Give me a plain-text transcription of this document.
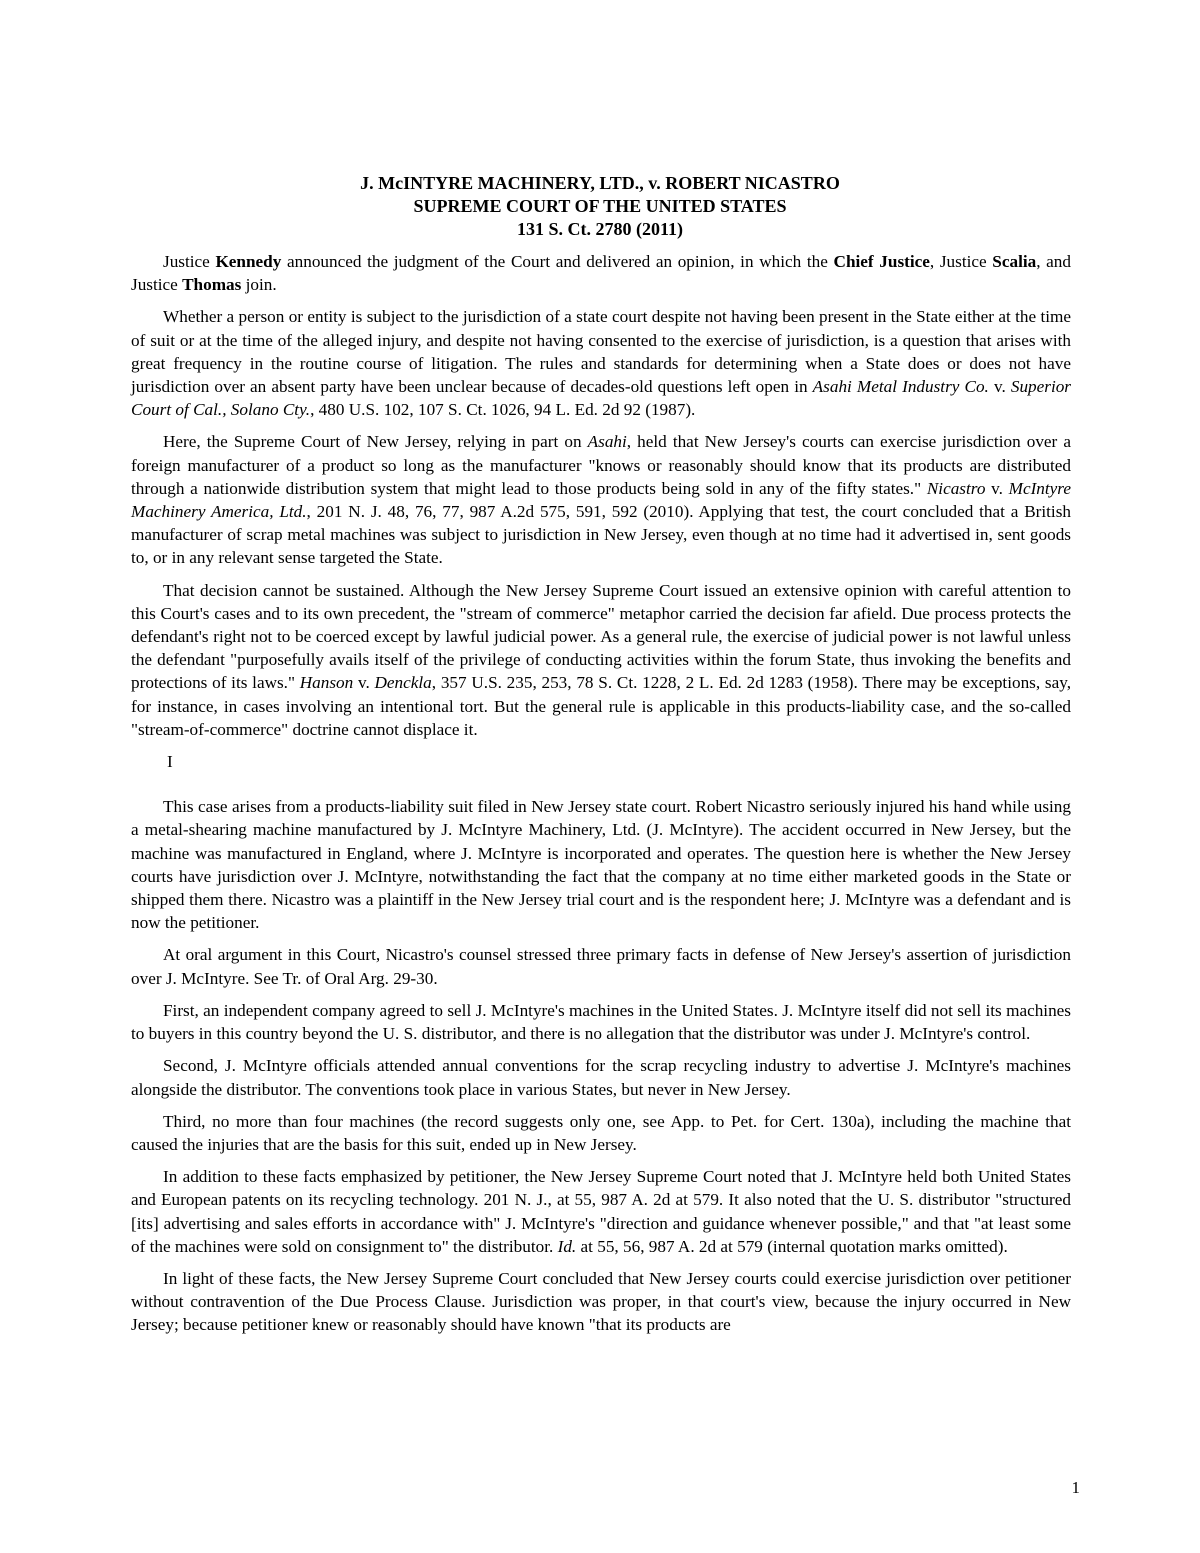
J. McINTYRE MACHINERY, LTD., v. ROBERT NICASTRO
SUPREME COURT OF THE UNITED STATES
131 S. Ct. 2780 (2011)

Justice Kennedy announced the judgment of the Court and delivered an opinion, in which the Chief Justice, Justice Scalia, and Justice Thomas join.

Whether a person or entity is subject to the jurisdiction of a state court despite not having been present in the State either at the time of suit or at the time of the alleged injury, and despite not having consented to the exercise of jurisdiction, is a question that arises with great frequency in the routine course of litigation. The rules and standards for determining when a State does or does not have jurisdiction over an absent party have been unclear because of decades-old questions left open in Asahi Metal Industry Co. v. Superior Court of Cal., Solano Cty., 480 U.S. 102, 107 S. Ct. 1026, 94 L. Ed. 2d 92 (1987).

Here, the Supreme Court of New Jersey, relying in part on Asahi, held that New Jersey's courts can exercise jurisdiction over a foreign manufacturer of a product so long as the manufacturer "knows or reasonably should know that its products are distributed through a nationwide distribution system that might lead to those products being sold in any of the fifty states." Nicastro v. McIntyre Machinery America, Ltd., 201 N. J. 48, 76, 77, 987 A.2d 575, 591, 592 (2010). Applying that test, the court concluded that a British manufacturer of scrap metal machines was subject to jurisdiction in New Jersey, even though at no time had it advertised in, sent goods to, or in any relevant sense targeted the State.

That decision cannot be sustained. Although the New Jersey Supreme Court issued an extensive opinion with careful attention to this Court's cases and to its own precedent, the "stream of commerce" metaphor carried the decision far afield. Due process protects the defendant's right not to be coerced except by lawful judicial power. As a general rule, the exercise of judicial power is not lawful unless the defendant "purposefully avails itself of the privilege of conducting activities within the forum State, thus invoking the benefits and protections of its laws." Hanson v. Denckla, 357 U.S. 235, 253, 78 S. Ct. 1228, 2 L. Ed. 2d 1283 (1958). There may be exceptions, say, for instance, in cases involving an intentional tort. But the general rule is applicable in this products-liability case, and the so-called "stream-of-commerce" doctrine cannot displace it.

I

This case arises from a products-liability suit filed in New Jersey state court. Robert Nicastro seriously injured his hand while using a metal-shearing machine manufactured by J. McIntyre Machinery, Ltd. (J. McIntyre). The accident occurred in New Jersey, but the machine was manufactured in England, where J. McIntyre is incorporated and operates. The question here is whether the New Jersey courts have jurisdiction over J. McIntyre, notwithstanding the fact that the company at no time either marketed goods in the State or shipped them there. Nicastro was a plaintiff in the New Jersey trial court and is the respondent here; J. McIntyre was a defendant and is now the petitioner.

At oral argument in this Court, Nicastro's counsel stressed three primary facts in defense of New Jersey's assertion of jurisdiction over J. McIntyre. See Tr. of Oral Arg. 29-30.

First, an independent company agreed to sell J. McIntyre's machines in the United States. J. McIntyre itself did not sell its machines to buyers in this country beyond the U. S. distributor, and there is no allegation that the distributor was under J. McIntyre's control.

Second, J. McIntyre officials attended annual conventions for the scrap recycling industry to advertise J. McIntyre's machines alongside the distributor. The conventions took place in various States, but never in New Jersey.

Third, no more than four machines (the record suggests only one, see App. to Pet. for Cert. 130a), including the machine that caused the injuries that are the basis for this suit, ended up in New Jersey.

In addition to these facts emphasized by petitioner, the New Jersey Supreme Court noted that J. McIntyre held both United States and European patents on its recycling technology. 201 N. J., at 55, 987 A. 2d at 579. It also noted that the U. S. distributor "structured [its] advertising and sales efforts in accordance with" J. McIntyre's "direction and guidance whenever possible," and that "at least some of the machines were sold on consignment to" the distributor. Id. at 55, 56, 987 A. 2d at 579 (internal quotation marks omitted).

In light of these facts, the New Jersey Supreme Court concluded that New Jersey courts could exercise jurisdiction over petitioner without contravention of the Due Process Clause. Jurisdiction was proper, in that court's view, because the injury occurred in New Jersey; because petitioner knew or reasonably should have known "that its products are

1
